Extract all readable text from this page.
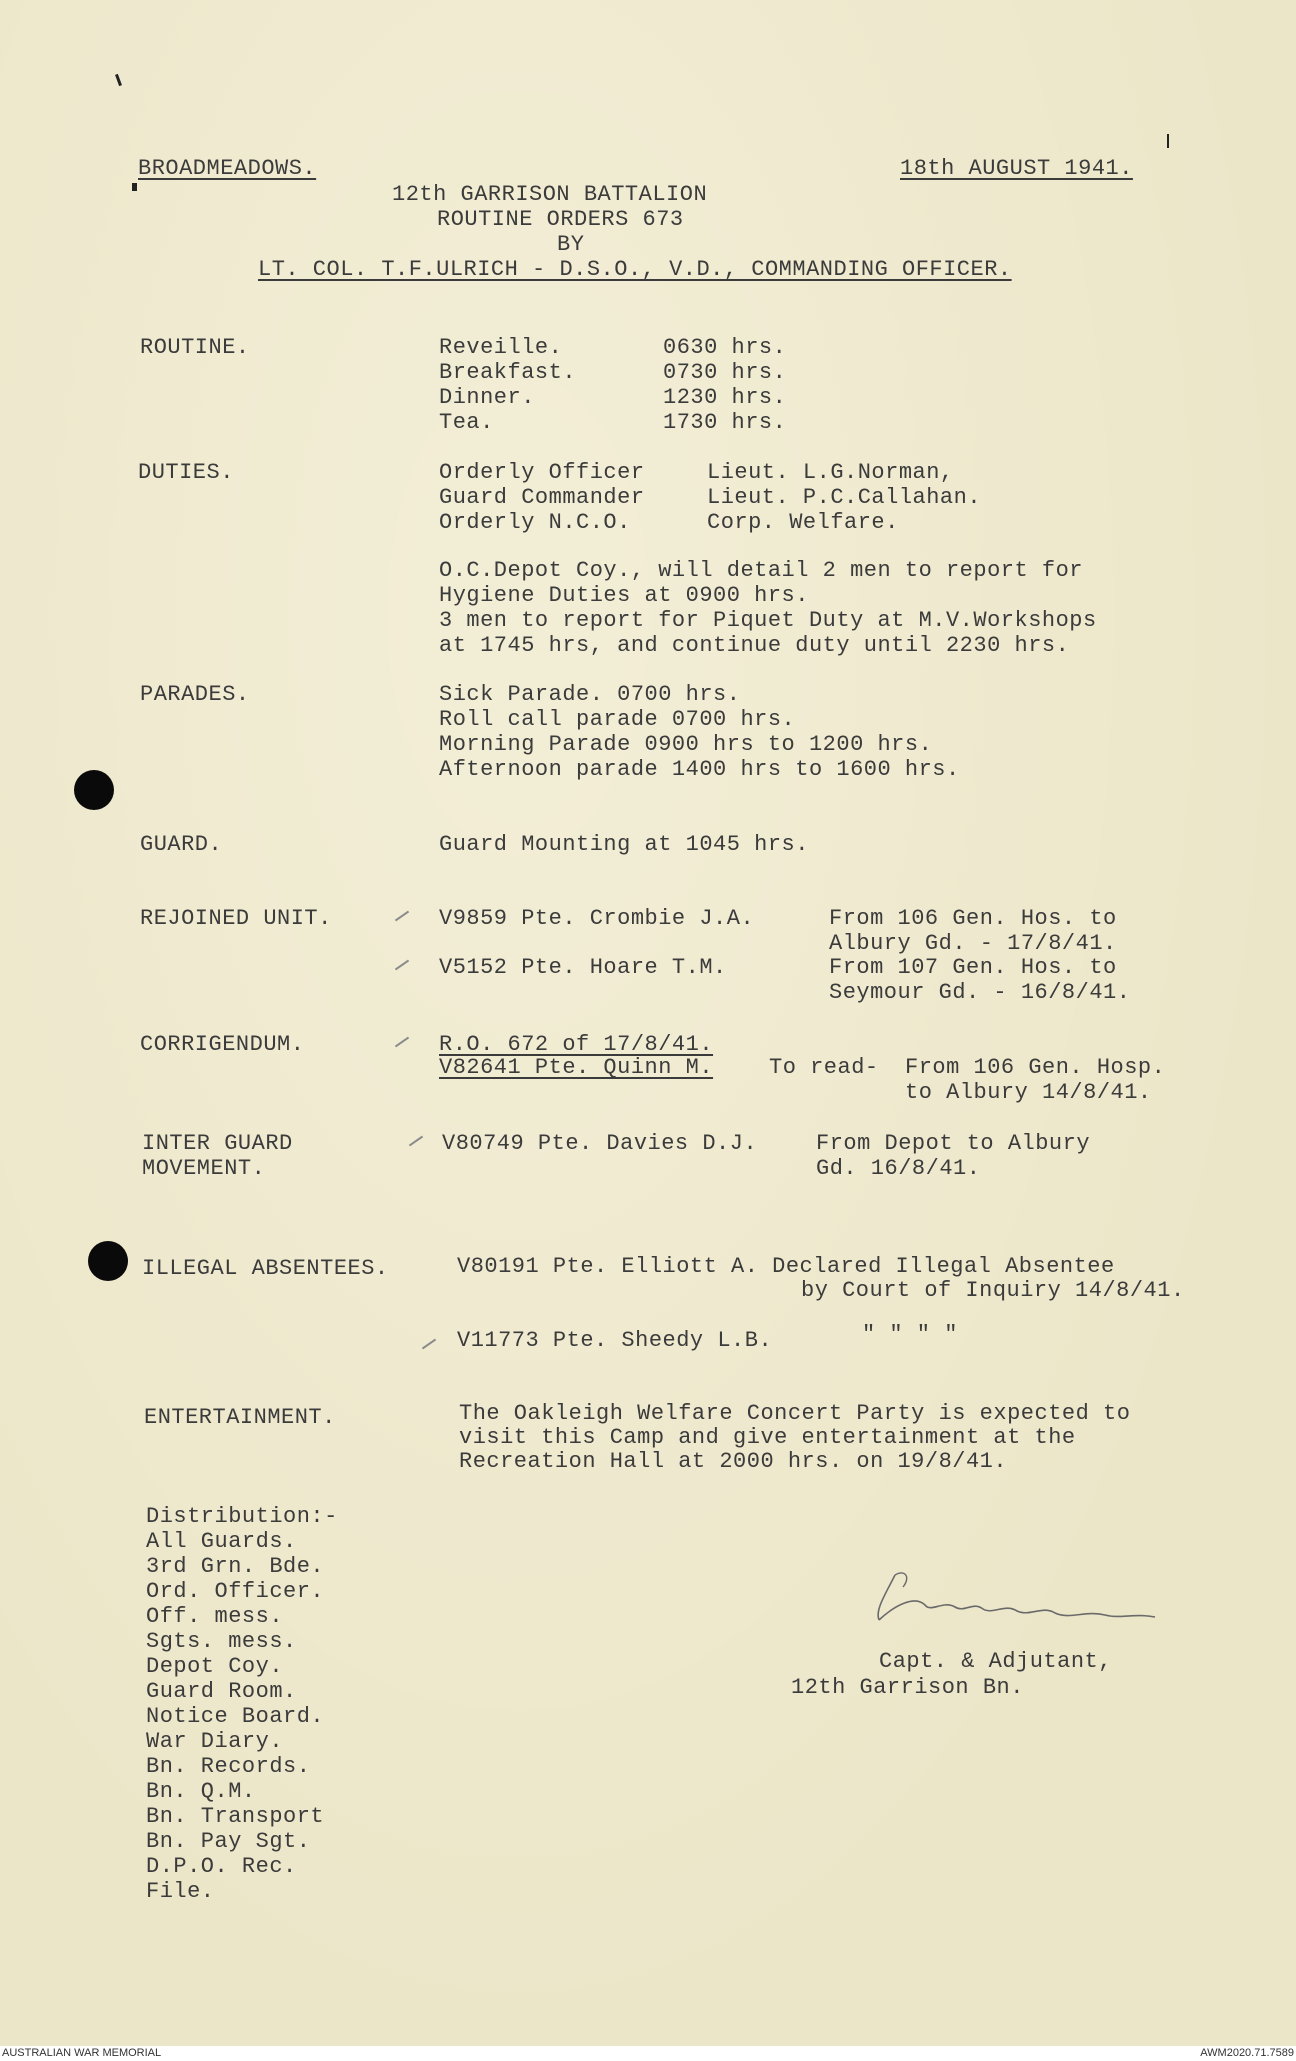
BROADMEADOWS.	18th AUGUST 1941.
12th GARRISON BATTALION
ROUTINE ORDERS 673
BY
LT. COL. T.F.ULRICH - D.S.O., V.D., COMMANDING OFFICER.
ROUTINE.	Reveille.	0630 hrs.
Breakfast.	0730 hrs.
Dinner.	1230 hrs.
Tea.	1730 hrs.
DUTIES.	Orderly Officer	Lieut. L.G.Norman,
Guard Commander	Lieut. P.C.Callahan.
Orderly N.C.O.	Corp. Welfare.
O.C.Depot Coy., will detail 2 men to report for
Hygiene Duties at 0900 hrs.
3 men to report for Piquet Duty at M.V.Workshops
at 1745 hrs, and continue duty until 2230 hrs.
PARADES.	Sick Parade. 0700 hrs.
Roll call parade 0700 hrs.
Morning Parade 0900 hrs to 1200 hrs.
Afternoon parade 1400 hrs to 1600 hrs.
GUARD.	Guard Mounting at 1045 hrs.
REJOINED UNIT.	V9859 Pte. Crombie J.A.	From 106 Gen. Hos. to
Albury Gd. - 17/8/41.
V5152 Pte. Hoare T.M.	From 107 Gen. Hos. to
Seymour Gd. - 16/8/41.
CORRIGENDUM.	R.O. 672 of 17/8/41.
V82641 Pte. Quinn M.	To read- From 106 Gen. Hosp.
to Albury 14/8/41.
INTER GUARD
MOVEMENT.
V80749 Pte. Davies D.J.	From Depot to Albury
Gd. 16/8/41.
ILLEGAL ABSENTEES.	V80191 Pte. Elliott A. Declared Illegal Absentee
by Court of Inquiry 14/8/41.
V11773 Pte. Sheedy L.B.	" " " "
ENTERTAINMENT.	The Oakleigh Welfare Concert Party is expected to
visit this Camp and give entertainment at the
Recreation Hall at 2000 hrs. on 19/8/41.
Distribution:-
All Guards.
3rd Grn. Bde.
Ord. Officer.
Off. mess.
Sgts. mess.
Depot Coy.
Guard Room.
Notice Board.
War Diary.
Bn. Records.
Bn. Q.M.
Bn. Transport
Bn. Pay Sgt.
D.P.O. Rec.
File.
Capt. & Adjutant,
12th Garrison Bn.
AUSTRALIAN WAR MEMORIAL	AWM2020.71.7589
